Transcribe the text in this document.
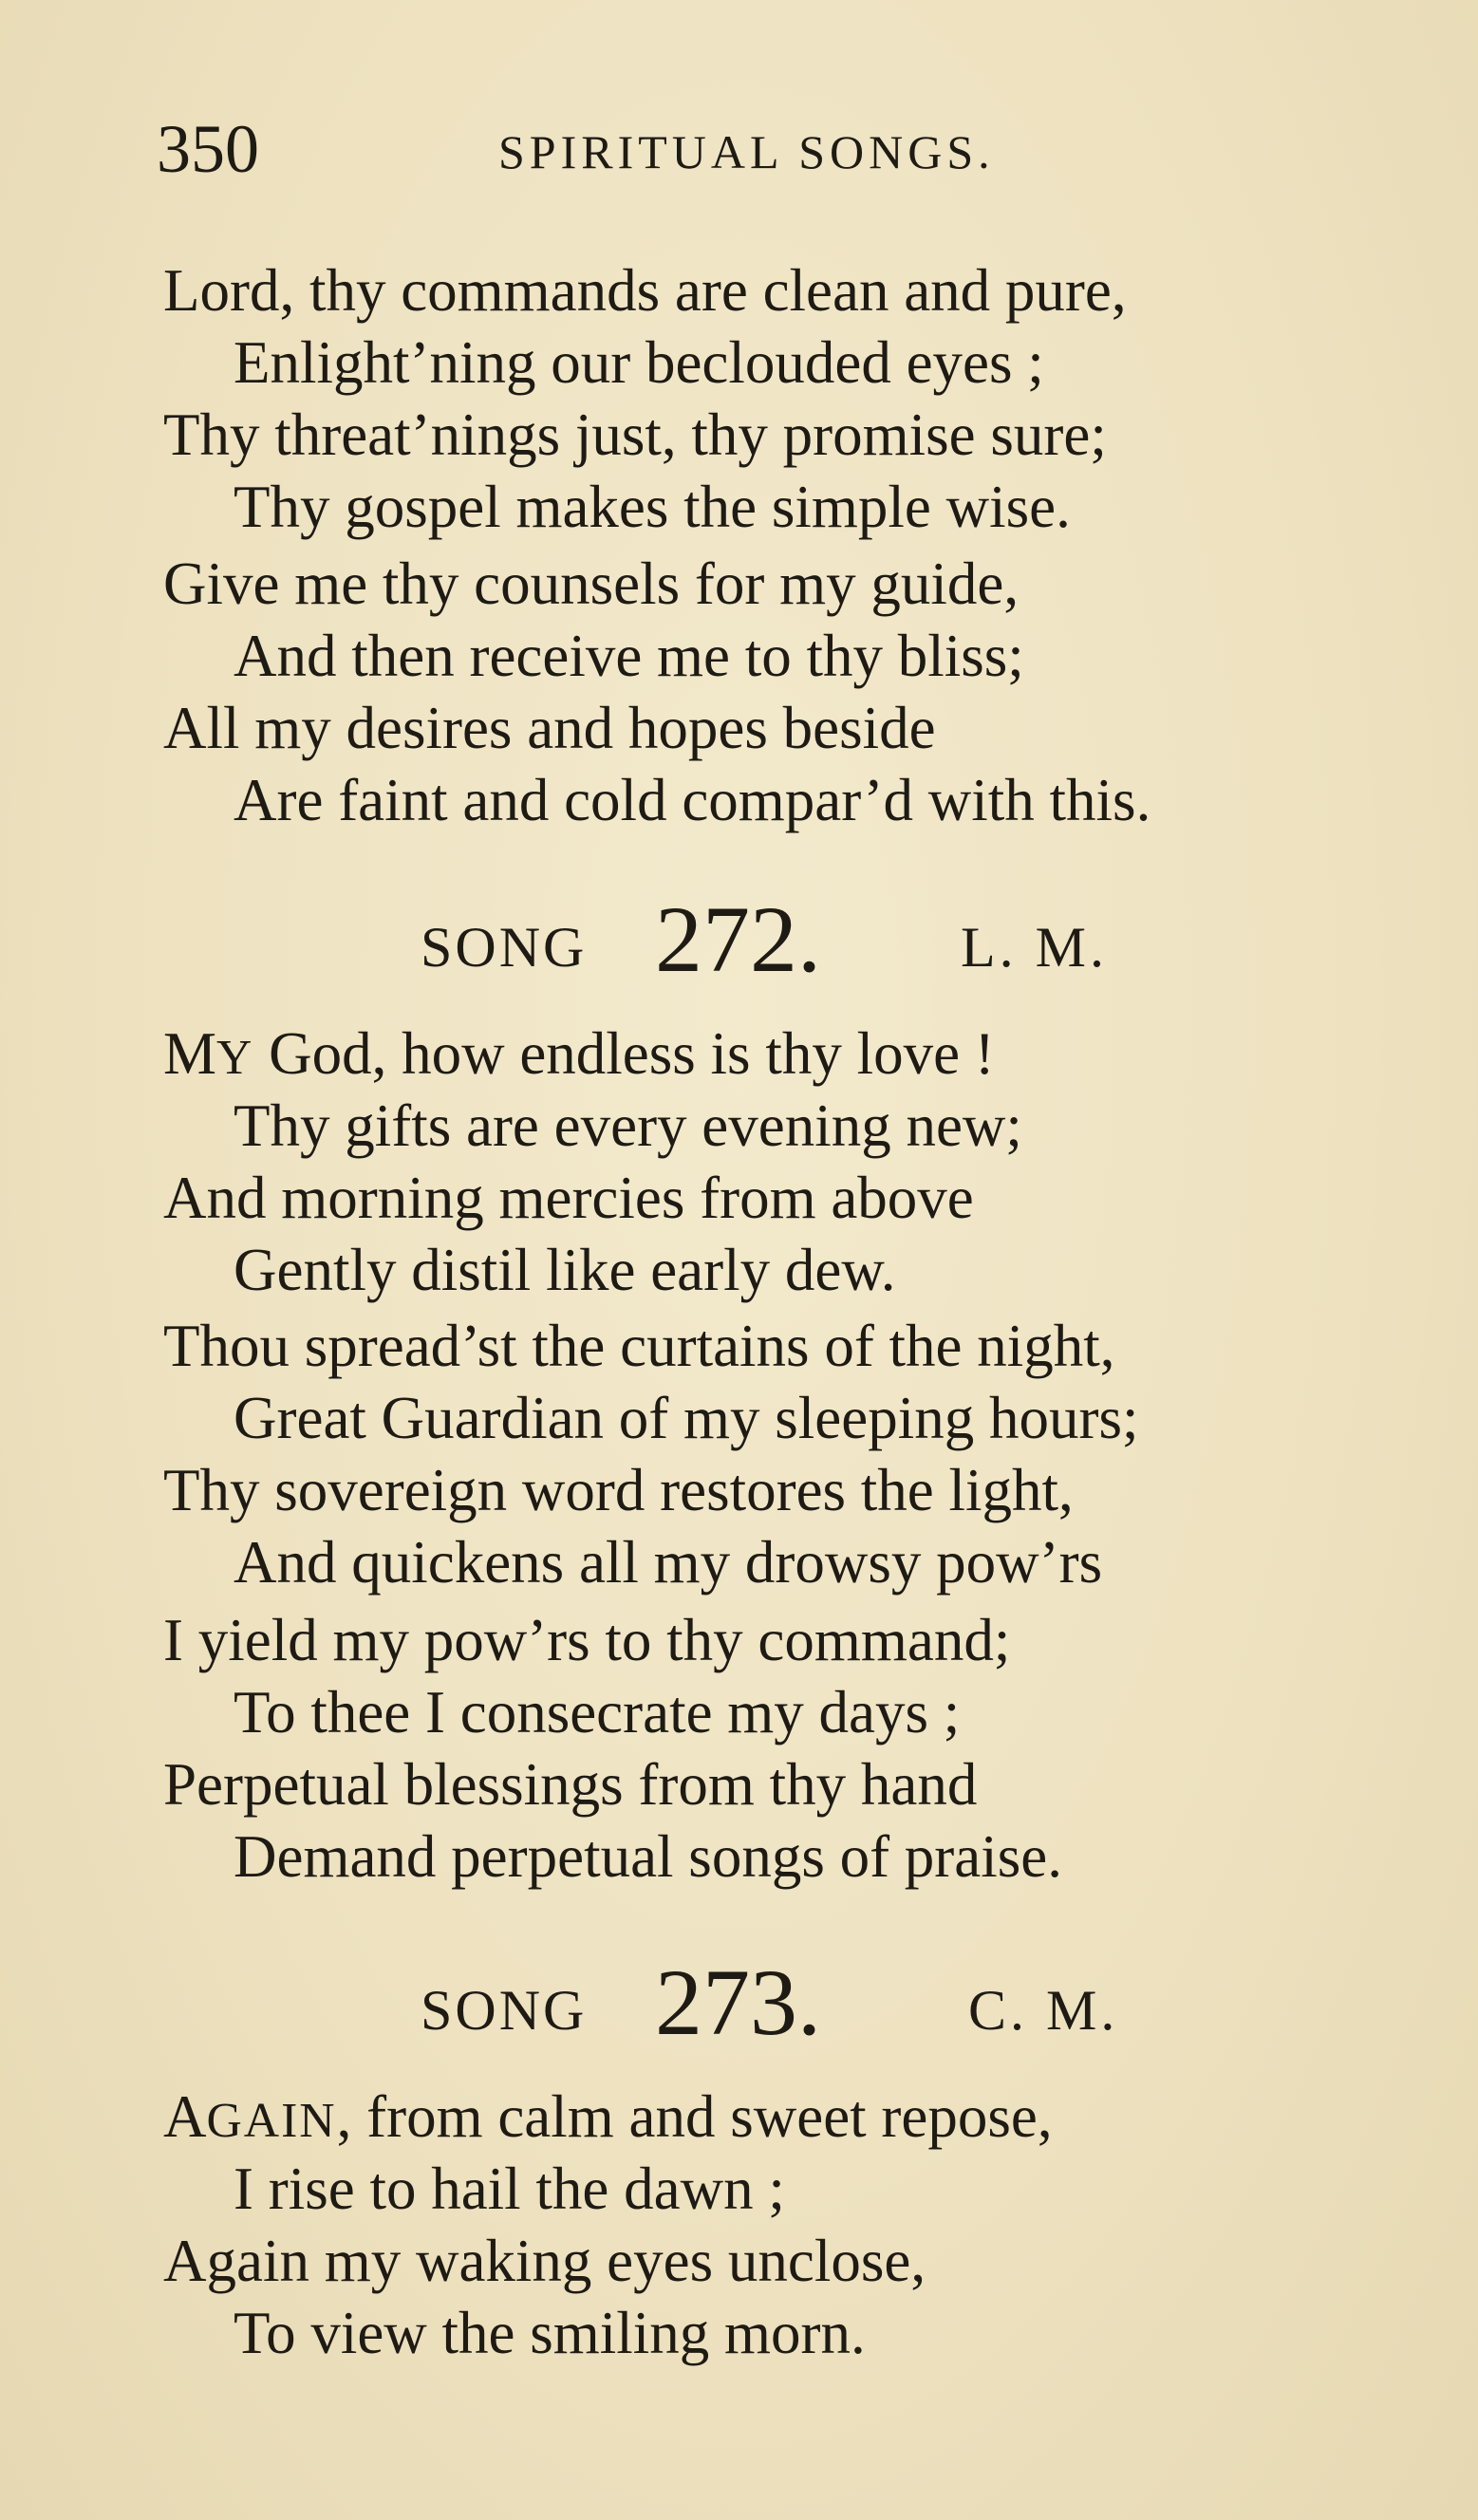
350	SPIRITUAL SONGS.
Lord, thy commands are clean and pure,
Enlight’ning our beclouded eyes ;
Thy threat’nings just, thy promise sure;
Thy gospel makes the simple wise.
Give me thy counsels for my guide,
And then receive me to thy bliss;
All my desires and hopes beside
Are faint and cold compar’d with this.
SONG 272. L. M.
MY God, how endless is thy love !
Thy gifts are every evening new;
And morning mercies from above
Gently distil like early dew.
Thou spread’st the curtains of the night,
Great Guardian of my sleeping hours;
Thy sovereign word restores the light,
And quickens all my drowsy pow’rs
I yield my pow’rs to thy command;
To thee I consecrate my days ;
Perpetual blessings from thy hand
Demand perpetual songs of praise.
SONG 273.	C. M.
AGAIN, from calm and sweet repose,
I rise to hail the dawn ;
Again my waking eyes unclose,
To view the smiling morn.
